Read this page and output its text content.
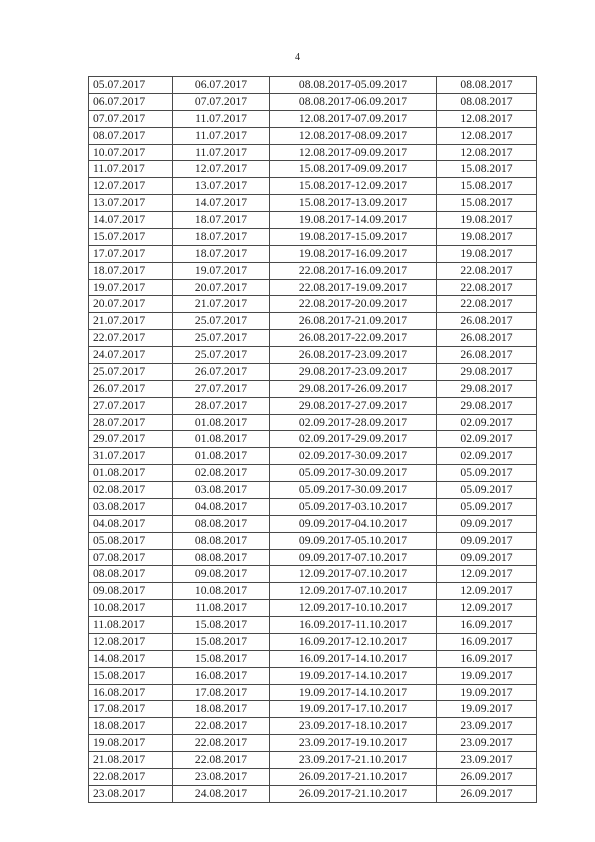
4
05.07.2017	06.07.2017	08.08.2017-05.09.2017	08.08.2017
06.07.2017	07.07.2017	08.08.2017-06.09.2017	08.08.2017
07.07.2017	11.07.2017	12.08.2017-07.09.2017	12.08.2017
08.07.2017	11.07.2017	12.08.2017-08.09.2017	12.08.2017
10.07.2017	11.07.2017	12.08.2017-09.09.2017	12.08.2017
11.07.2017	12.07.2017	15.08.2017-09.09.2017	15.08.2017
12.07.2017	13.07.2017	15.08.2017-12.09.2017	15.08.2017
13.07.2017	14.07.2017	15.08.2017-13.09.2017	15.08.2017
14.07.2017	18.07.2017	19.08.2017-14.09.2017	19.08.2017
15.07.2017	18.07.2017	19.08.2017-15.09.2017	19.08.2017
17.07.2017	18.07.2017	19.08.2017-16.09.2017	19.08.2017
18.07.2017	19.07.2017	22.08.2017-16.09.2017	22.08.2017
19.07.2017	20.07.2017	22.08.2017-19.09.2017	22.08.2017
20.07.2017	21.07.2017	22.08.2017-20.09.2017	22.08.2017
21.07.2017	25.07.2017	26.08.2017-21.09.2017	26.08.2017
22.07.2017	25.07.2017	26.08.2017-22.09.2017	26.08.2017
24.07.2017	25.07.2017	26.08.2017-23.09.2017	26.08.2017
25.07.2017	26.07.2017	29.08.2017-23.09.2017	29.08.2017
26.07.2017	27.07.2017	29.08.2017-26.09.2017	29.08.2017
27.07.2017	28.07.2017	29.08.2017-27.09.2017	29.08.2017
28.07.2017	01.08.2017	02.09.2017-28.09.2017	02.09.2017
29.07.2017	01.08.2017	02.09.2017-29.09.2017	02.09.2017
31.07.2017	01.08.2017	02.09.2017-30.09.2017	02.09.2017
01.08.2017	02.08.2017	05.09.2017-30.09.2017	05.09.2017
02.08.2017	03.08.2017	05.09.2017-30.09.2017	05.09.2017
03.08.2017	04.08.2017	05.09.2017-03.10.2017	05.09.2017
04.08.2017	08.08.2017	09.09.2017-04.10.2017	09.09.2017
05.08.2017	08.08.2017	09.09.2017-05.10.2017	09.09.2017
07.08.2017	08.08.2017	09.09.2017-07.10.2017	09.09.2017
08.08.2017	09.08.2017	12.09.2017-07.10.2017	12.09.2017
09.08.2017	10.08.2017	12.09.2017-07.10.2017	12.09.2017
10.08.2017	11.08.2017	12.09.2017-10.10.2017	12.09.2017
11.08.2017	15.08.2017	16.09.2017-11.10.2017	16.09.2017
12.08.2017	15.08.2017	16.09.2017-12.10.2017	16.09.2017
14.08.2017	15.08.2017	16.09.2017-14.10.2017	16.09.2017
15.08.2017	16.08.2017	19.09.2017-14.10.2017	19.09.2017
16.08.2017	17.08.2017	19.09.2017-14.10.2017	19.09.2017
17.08.2017	18.08.2017	19.09.2017-17.10.2017	19.09.2017
18.08.2017	22.08.2017	23.09.2017-18.10.2017	23.09.2017
19.08.2017	22.08.2017	23.09.2017-19.10.2017	23.09.2017
21.08.2017	22.08.2017	23.09.2017-21.10.2017	23.09.2017
22.08.2017	23.08.2017	26.09.2017-21.10.2017	26.09.2017
23.08.2017	24.08.2017	26.09.2017-21.10.2017	26.09.2017
